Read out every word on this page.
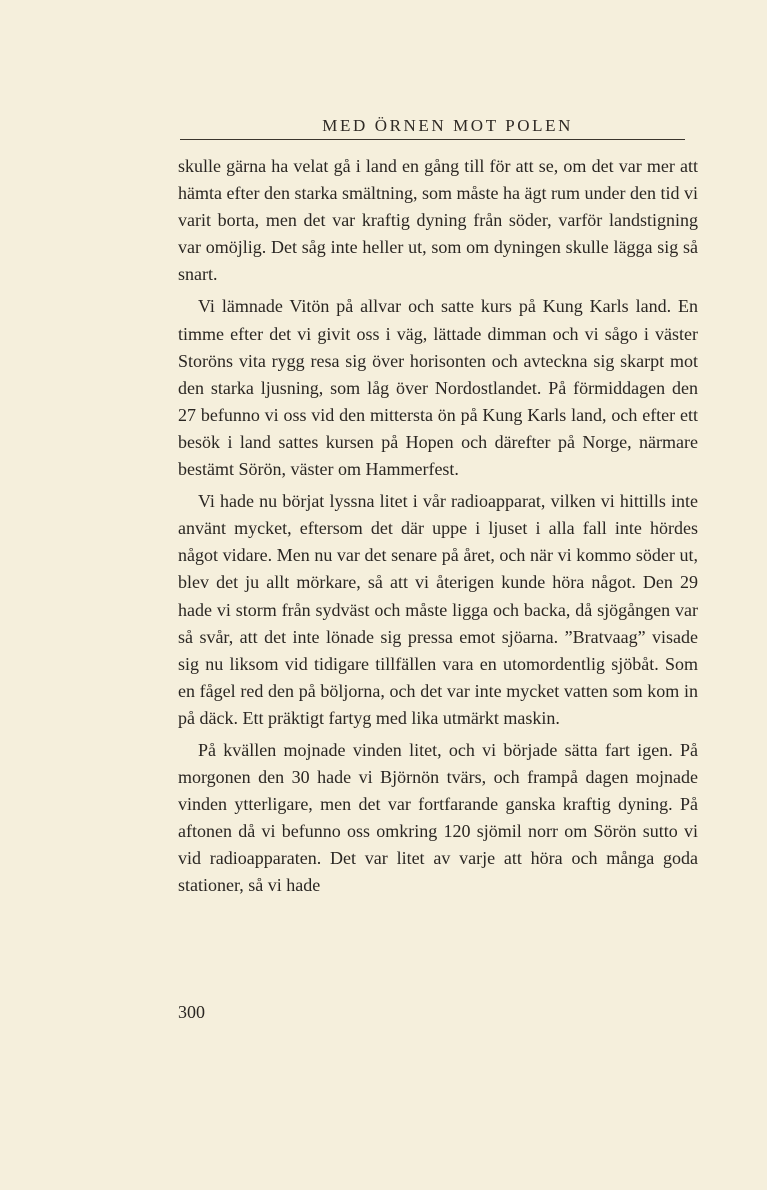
MED ÖRNEN MOT POLEN

skulle gärna ha velat gå i land en gång till för att se, om det var mer att hämta efter den starka smältning, som måste ha ägt rum under den tid vi varit borta, men det var kraftig dyning från söder, varför landstigning var omöjlig. Det såg inte heller ut, som om dyningen skulle lägga sig så snart.

Vi lämnade Vitön på allvar och satte kurs på Kung Karls land. En timme efter det vi givit oss i väg, lättade dimman och vi sågo i väster Storöns vita rygg resa sig över horisonten och avteckna sig skarpt mot den starka ljusning, som låg över Nordostlandet. På förmiddagen den 27 befunno vi oss vid den mittersta ön på Kung Karls land, och efter ett besök i land sattes kursen på Hopen och därefter på Norge, närmare bestämt Sörön, väster om Hammerfest.

Vi hade nu börjat lyssna litet i vår radioapparat, vilken vi hittills inte använt mycket, eftersom det där uppe i ljuset i alla fall inte hördes något vidare. Men nu var det senare på året, och när vi kommo söder ut, blev det ju allt mörkare, så att vi återigen kunde höra något. Den 29 hade vi storm från sydväst och måste ligga och backa, då sjögången var så svår, att det inte lönade sig pressa emot sjöarna. ”Bratvaag” visade sig nu liksom vid tidigare tillfällen vara en utomordentlig sjöbåt. Som en fågel red den på böljorna, och det var inte mycket vatten som kom in på däck. Ett präktigt fartyg med lika utmärkt maskin.

På kvällen mojnade vinden litet, och vi började sätta fart igen. På morgonen den 30 hade vi Björnön tvärs, och frampå dagen mojnade vinden ytterligare, men det var fortfarande ganska kraftig dyning. På aftonen då vi befunno oss omkring 120 sjömil norr om Sörön sutto vi vid radioapparaten. Det var litet av varje att höra och många goda stationer, så vi hade

300
